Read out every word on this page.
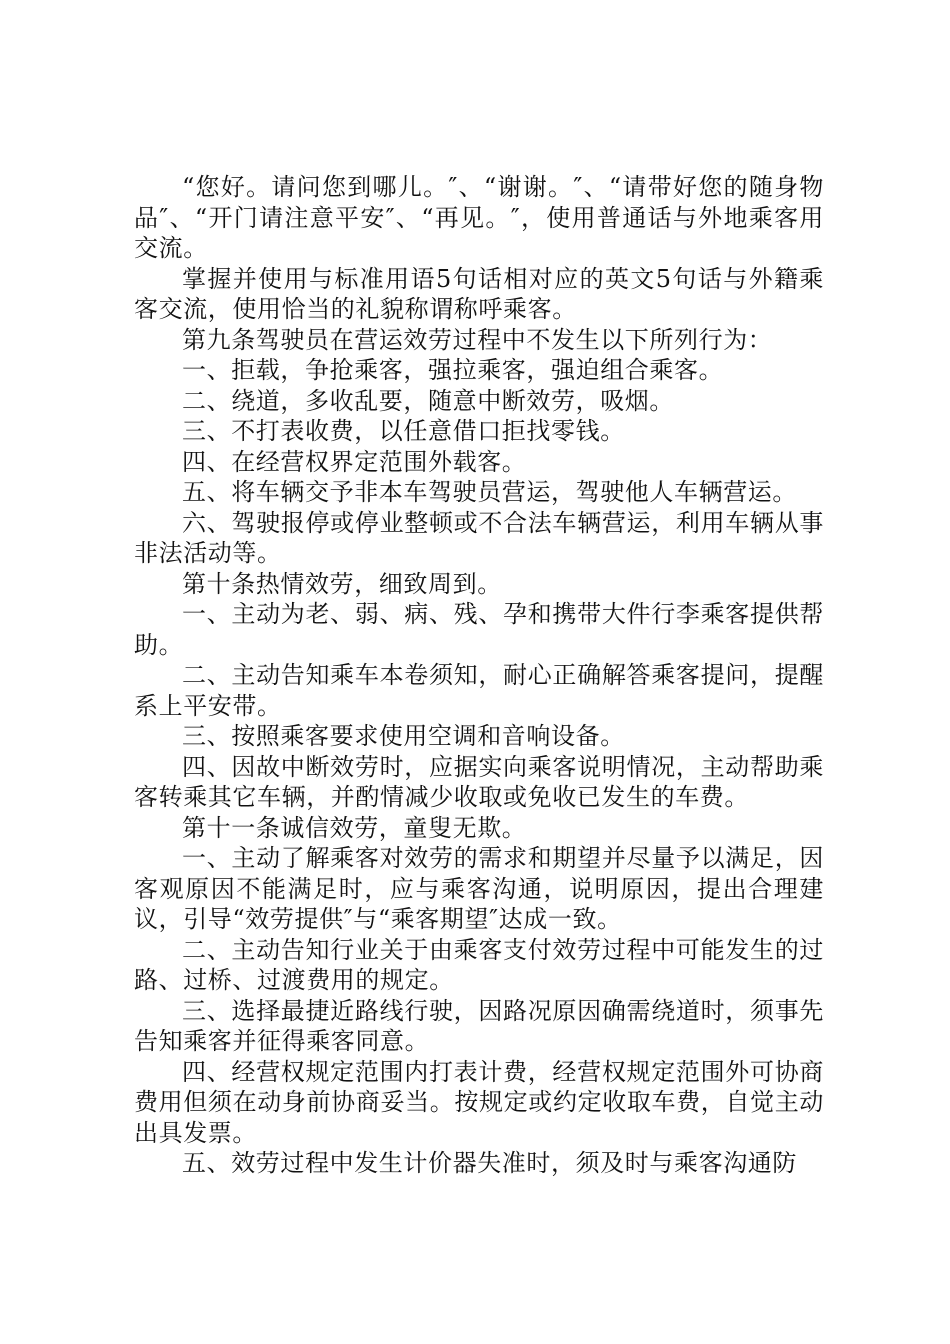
“您好。请问您到哪儿。″、“谢谢。″、“请带好您的随身物品″、“开门请注意平安″、“再见。″，使用普通话与外地乘客用交流。

掌握并使用与标准用语5句话相对应的英文5句话与外籍乘客交流，使用恰当的礼貌称谓称呼乘客。

第九条驾驶员在营运效劳过程中不发生以下所列行为：

一、拒载，争抢乘客，强拉乘客，强迫组合乘客。

二、绕道，多收乱要，随意中断效劳，吸烟。

三、不打表收费，以任意借口拒找零钱。

四、在经营权界定范围外载客。

五、将车辆交予非本车驾驶员营运，驾驶他人车辆营运。

六、驾驶报停或停业整顿或不合法车辆营运，利用车辆从事非法活动等。

第十条热情效劳，细致周到。

一、主动为老、弱、病、残、孕和携带大件行李乘客提供帮助。

二、主动告知乘车本卷须知，耐心正确解答乘客提问，提醒系上平安带。

三、按照乘客要求使用空调和音响设备。

四、因故中断效劳时，应据实向乘客说明情况，主动帮助乘客转乘其它车辆，并酌情减少收取或免收已发生的车费。

第十一条诚信效劳，童叟无欺。

一、主动了解乘客对效劳的需求和期望并尽量予以满足，因客观原因不能满足时，应与乘客沟通，说明原因，提出合理建议，引导“效劳提供″与“乘客期望″达成一致。

二、主动告知行业关于由乘客支付效劳过程中可能发生的过路、过桥、过渡费用的规定。

三、选择最捷近路线行驶，因路况原因确需绕道时，须事先告知乘客并征得乘客同意。

四、经营权规定范围内打表计费，经营权规定范围外可协商费用但须在动身前协商妥当。按规定或约定收取车费，自觉主动出具发票。

五、效劳过程中发生计价器失准时，须及时与乘客沟通防
